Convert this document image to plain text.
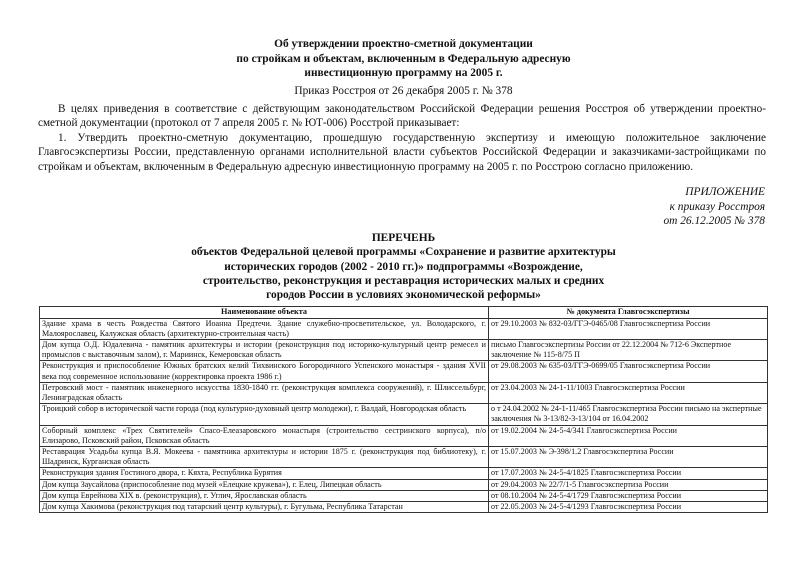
Об утверждении проектно-сметной документации
по стройкам и объектам, включенным в Федеральную адресную
инвестиционную программу на 2005 г.
Приказ Росстроя от 26 декабря 2005 г. № 378
В целях приведения в соответствие с действующим законодательством Российской Федерации решения Росстроя об утверждении проектно-сметной документации (протокол от 7 апреля 2005 г. № ЮТ-006) Росстрой приказывает:
1. Утвердить проектно-сметную документацию, прошедшую государственную экспертизу и имеющую положительное заключение Главгосэкспертизы России, представленную органами исполнительной власти субъектов Российской Федерации и заказчиками-застройщиками по стройкам и объектам, включенным в Федеральную адресную инвестиционную программу на 2005 г. по Росстрою согласно приложению.
ПРИЛОЖЕНИЕ
к приказу Росстроя
от 26.12.2005 № 378
ПЕРЕЧЕНЬ
объектов Федеральной целевой программы «Сохранение и развитие архитектуры
исторических городов (2002 - 2010 гг.)» подпрограммы «Возрождение,
строительство, реконструкция и реставрация исторических малых и средних
городов России в условиях экономической реформы»
Наименование объекта	№ документа Главгосэкспертизы
Здание храма в честь Рождества Святого Иоанна Предтечи. Здание служебно-просветительское, ул. Володарского, г. Малоярославец, Калужская область (архитектурно-строительная часть)	от 29.10.2003 № 832-03/ГГЭ-0465/08 Главгосэкспертиза России
Дом купца О.Д. Юдалевича - памятник архитектуры и истории (реконструкция под историко-культурный центр ремесел и промыслов с выставочным залом), г. Мариинск, Кемеровская область	письмо Главгосэкспертизы России от 22.12.2004 № 712-6 Экспертное заключение № 115-8/75 П
Реконструкция и приспособление Южных братских келий Тихвинского Богородичного Успенского монастыря - здания XVII века под современное использование (корректировка проекта 1986 г.)	от 29.08.2003 № 635-03/ГГЭ-0699/05 Главгосэкспертиза России
Петровский мост - памятник инженерного искусства 1830-1840 гг. (реконструкция комплекса сооружений), г. Шлиссельбург, Ленинградская область	от 23.04.2003 № 24-1-11/1003 Главгосэкспертиза России
Троицкий собор в исторической части города (под культурно-духовный центр молодежи), г. Валдай, Новгородская область	о т 24.04.2002 № 24-1-11/465 Главгосэкспертиза России письмо на экспертные заключения № 3-13/82-3-13/104 от 16.04.2002
Соборный комплекс «Трех Святителей» Спасо-Елеазаровского монастыря (строительство сестринского корпуса), п/о Елизарово, Псковский район, Псковская область	от 19.02.2004 № 24-5-4/341 Главгосэкспертиза России
Реставрация Усадьбы купца В.Я. Мокеева - памятника архитектуры и истории 1875 г. (реконструкция под библиотеку), г. Шадринск, Курганская область	от 15.07.2003 № Э-398/1.2 Главгосэкспертиза России
Реконструкция здания Гостиного двора, г. Кяхта, Республика Бурятия	от 17.07.2003 № 24-5-4/1825 Главгосэкспертиза России
Дом купца Заусайлова (приспособление под музей «Елецкие кружева»), г. Елец, Липецкая область	от 29.04.2003 № 22/7/1-5 Главгосэкспертиза России
Дом купца Еврейнова XIX в. (реконструкция), г. Углич, Ярославская область	от 08.10.2004 № 24-5-4/1729 Главгосэкспертиза России
Дом купца Хакимова (реконструкция под татарский центр культуры), г. Бугульма, Республика Татарстан	от 22.05.2003 № 24-5-4/1293 Главгосэкспертиза России
